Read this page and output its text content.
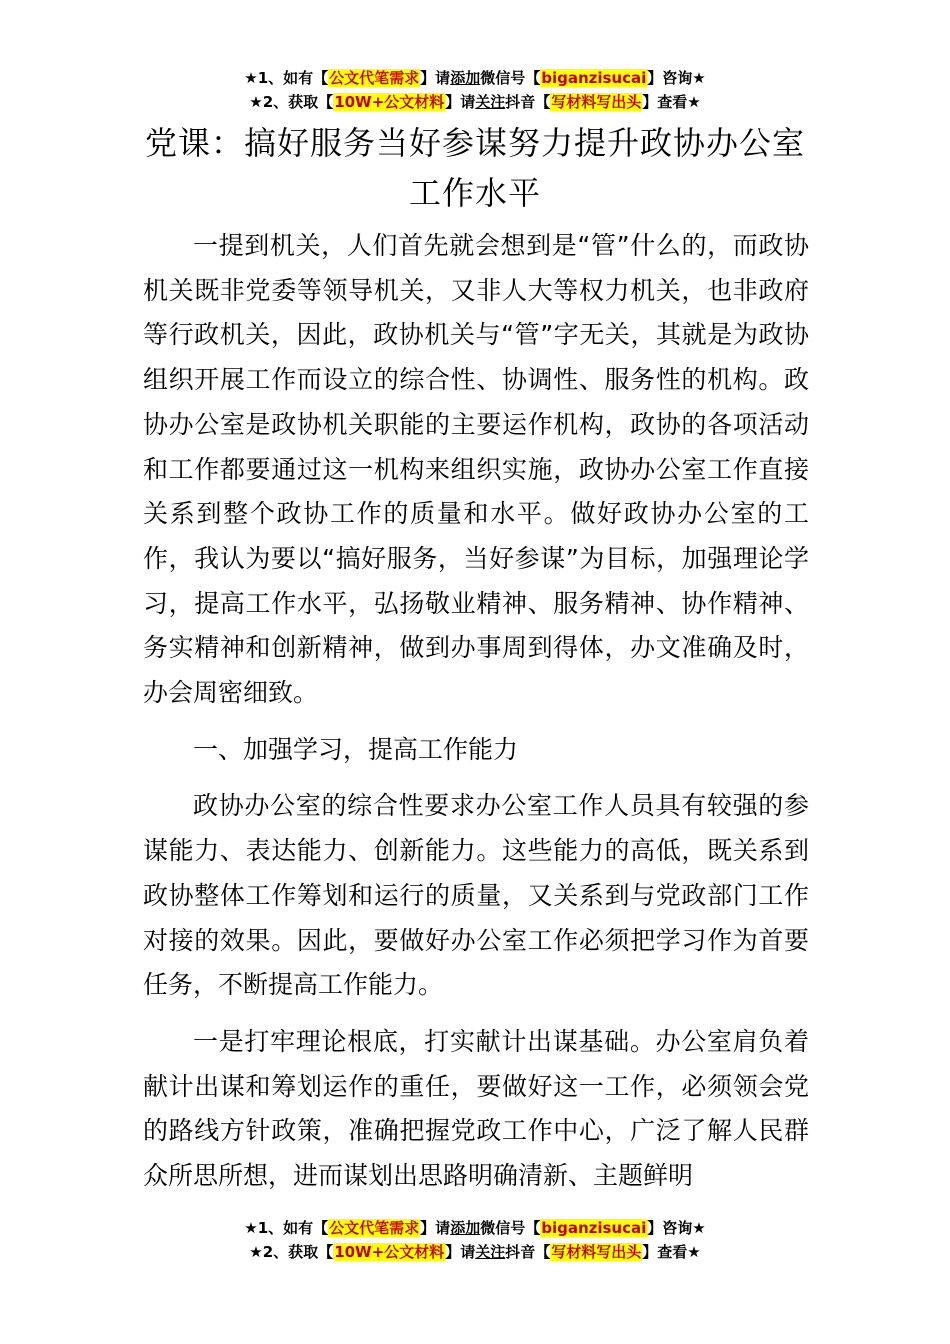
★1、如有【公文代笔需求】请添加微信号【biganzisucai】咨询★
★2、获取【10W+公文材料】请关注抖音【写材料写出头】查看★
党课：搞好服务当好参谋努力提升政协办公室工作水平

一提到机关，人们首先就会想到是“管”什么的，而政协机关既非党委等领导机关，又非人大等权力机关，也非政府等行政机关，因此，政协机关与“管”字无关，其就是为政协组织开展工作而设立的综合性、协调性、服务性的机构。政协办公室是政协机关职能的主要运作机构，政协的各项活动和工作都要通过这一机构来组织实施，政协办公室工作直接关系到整个政协工作的质量和水平。做好政协办公室的工作，我认为要以“搞好服务，当好参谋”为目标，加强理论学习，提高工作水平，弘扬敬业精神、服务精神、协作精神、务实精神和创新精神，做到办事周到得体，办文准确及时，办会周密细致。

一、加强学习，提高工作能力

政协办公室的综合性要求办公室工作人员具有较强的参谋能力、表达能力、创新能力。这些能力的高低，既关系到政协整体工作筹划和运行的质量，又关系到与党政部门工作对接的效果。因此，要做好办公室工作必须把学习作为首要任务，不断提高工作能力。

一是打牢理论根底，打实献计出谋基础。办公室肩负着献计出谋和筹划运作的重任，要做好这一工作，必须领会党的路线方针政策，准确把握党政工作中心，广泛了解人民群众所思所想，进而谋划出思路明确清新、主题鲜明

★1、如有【公文代笔需求】请添加微信号【biganzisucai】咨询★
★2、获取【10W+公文材料】请关注抖音【写材料写出头】查看★
